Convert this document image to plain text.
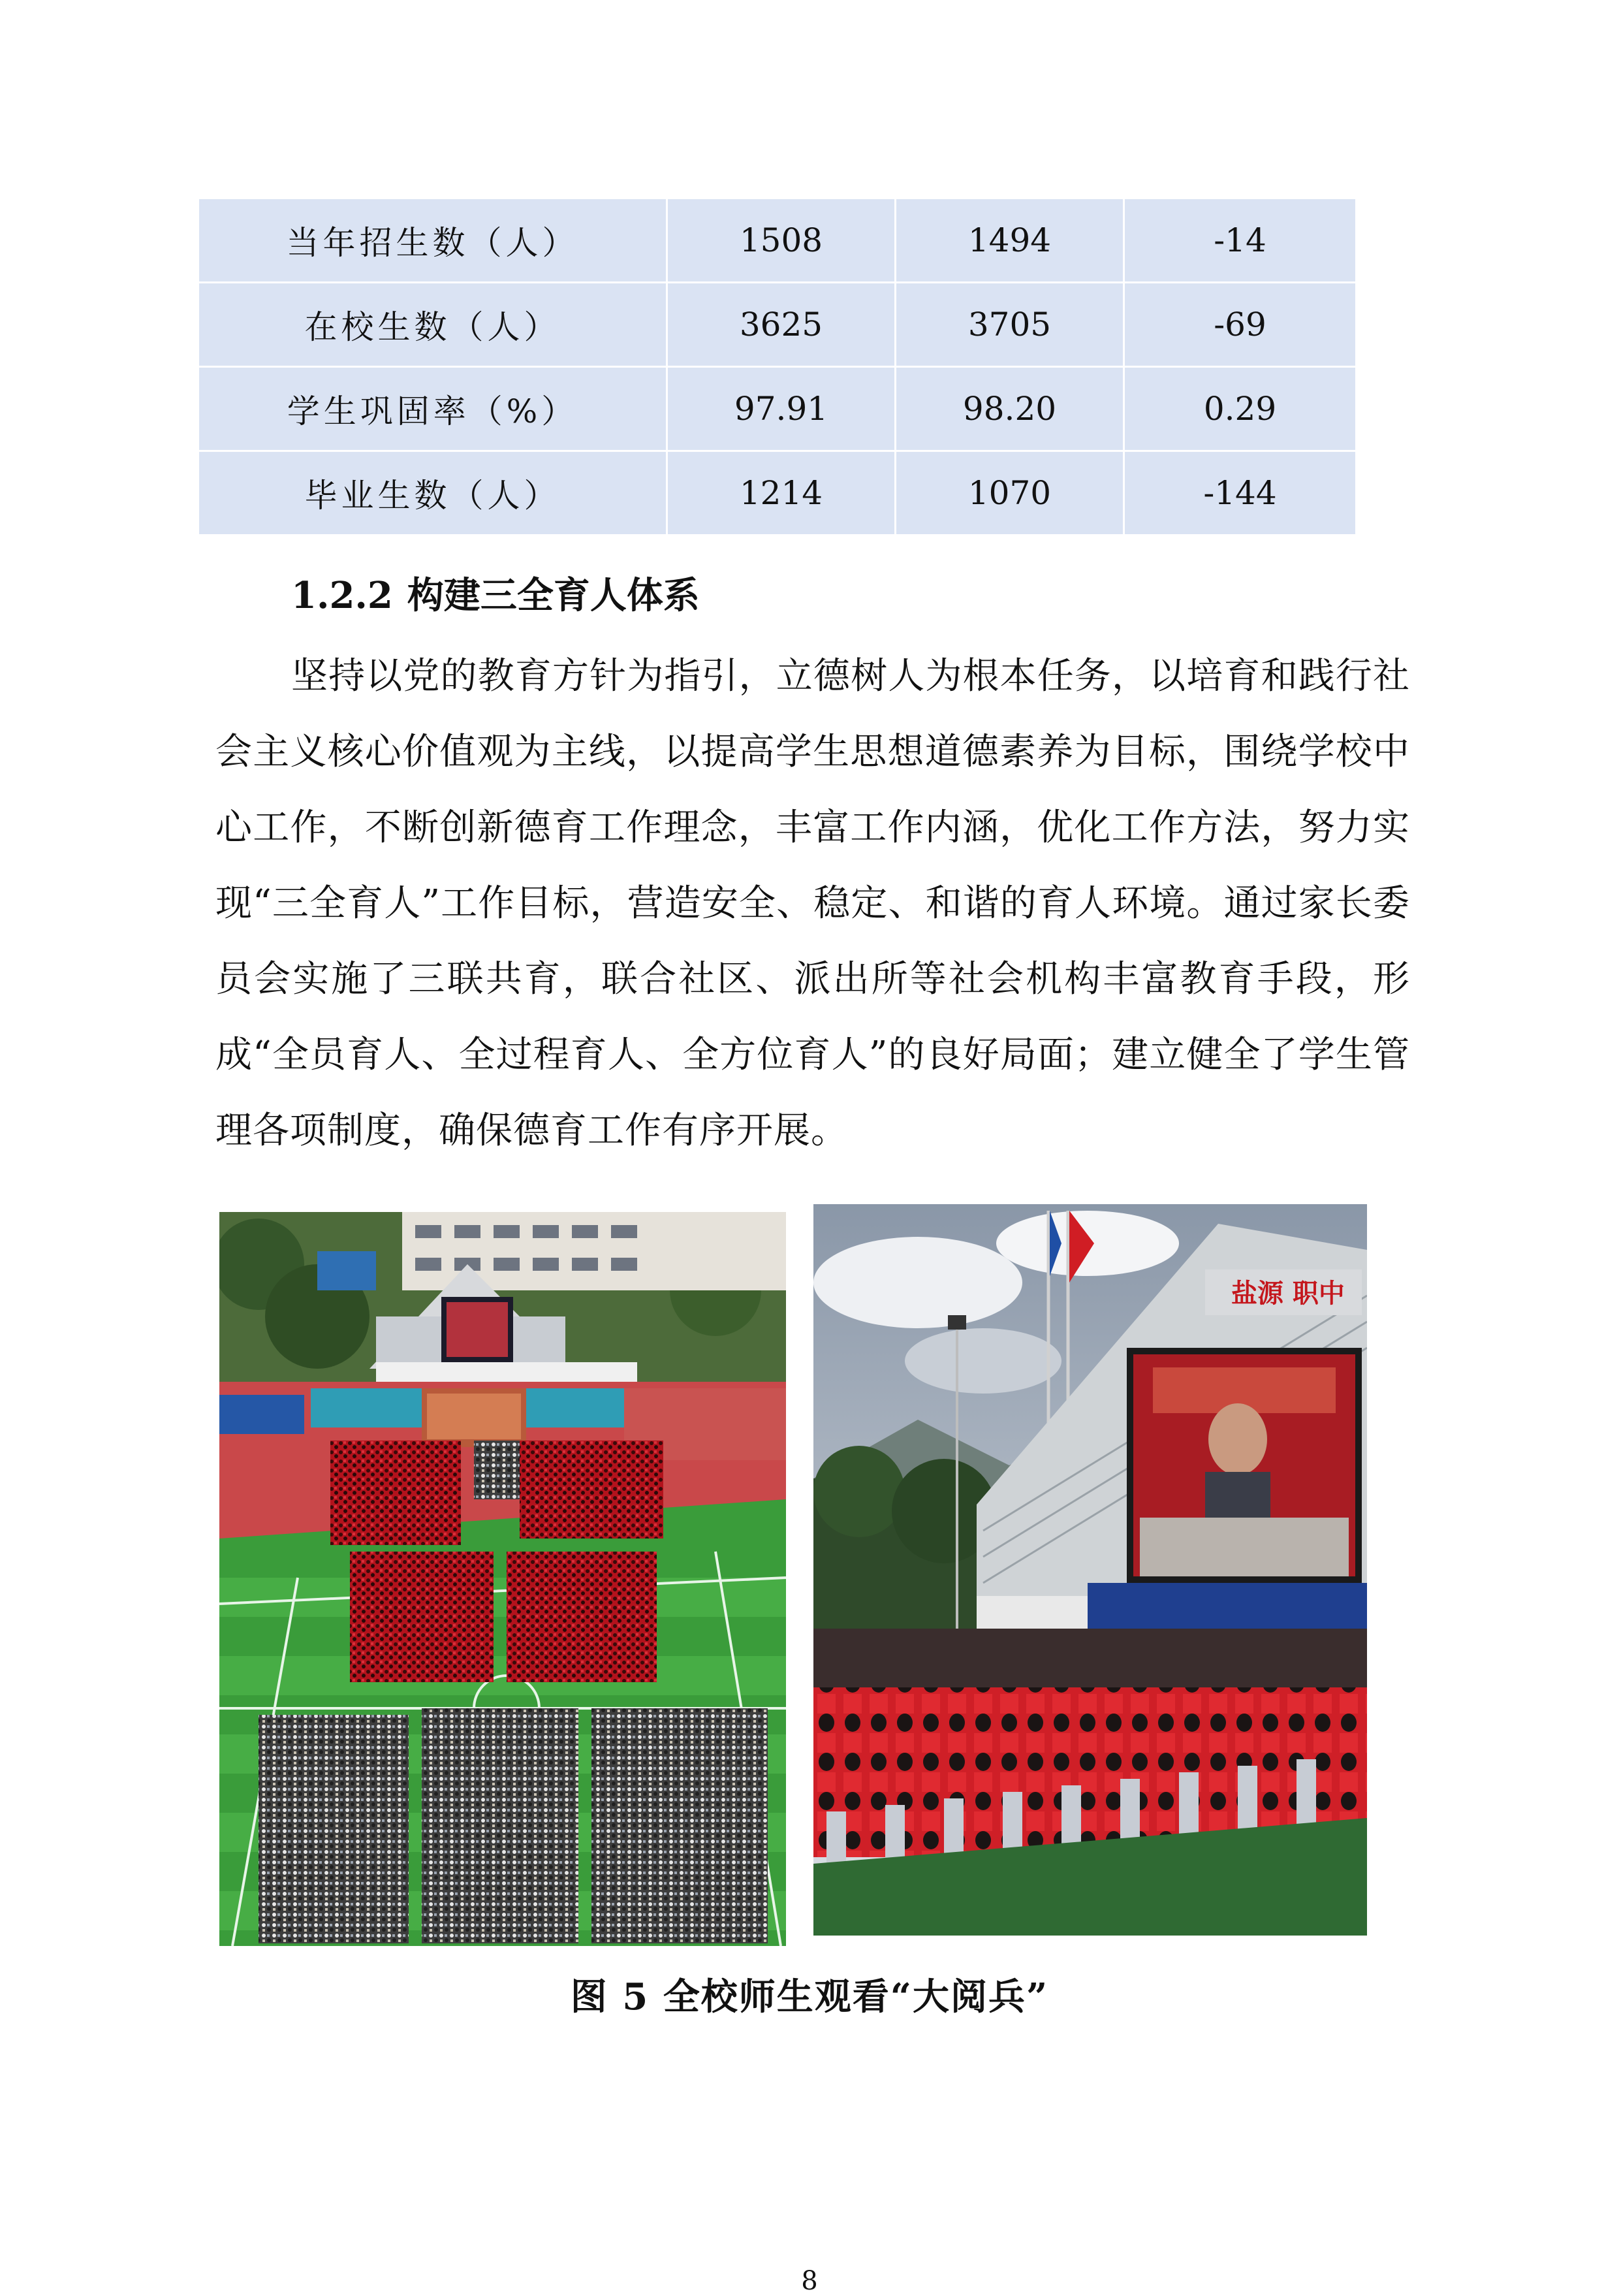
当年招生数（人）	1508	1494	-14
在校生数（人）	3625	3705	-69
学生巩固率（%）	97.91	98.20	0.29
毕业生数（人）	1214	1070	-144
1.2.2 构建三全育人体系

坚持以党的教育方针为指引，立德树人为根本任务，以培育和践行社会主义核心价值观为主线，以提高学生思想道德素养为目标，围绕学校中心工作，不断创新德育工作理念，丰富工作内涵，优化工作方法，努力实现“三全育人”工作目标，营造安全、稳定、和谐的育人环境。通过家长委员会实施了三联共育，联合社区、派出所等社会机构丰富教育手段，形成“全员育人、全过程育人、全方位育人”的良好局面；建立健全了学生管理各项制度，确保德育工作有序开展。

盐源 职中
图 5 全校师生观看“大阅兵”
8
